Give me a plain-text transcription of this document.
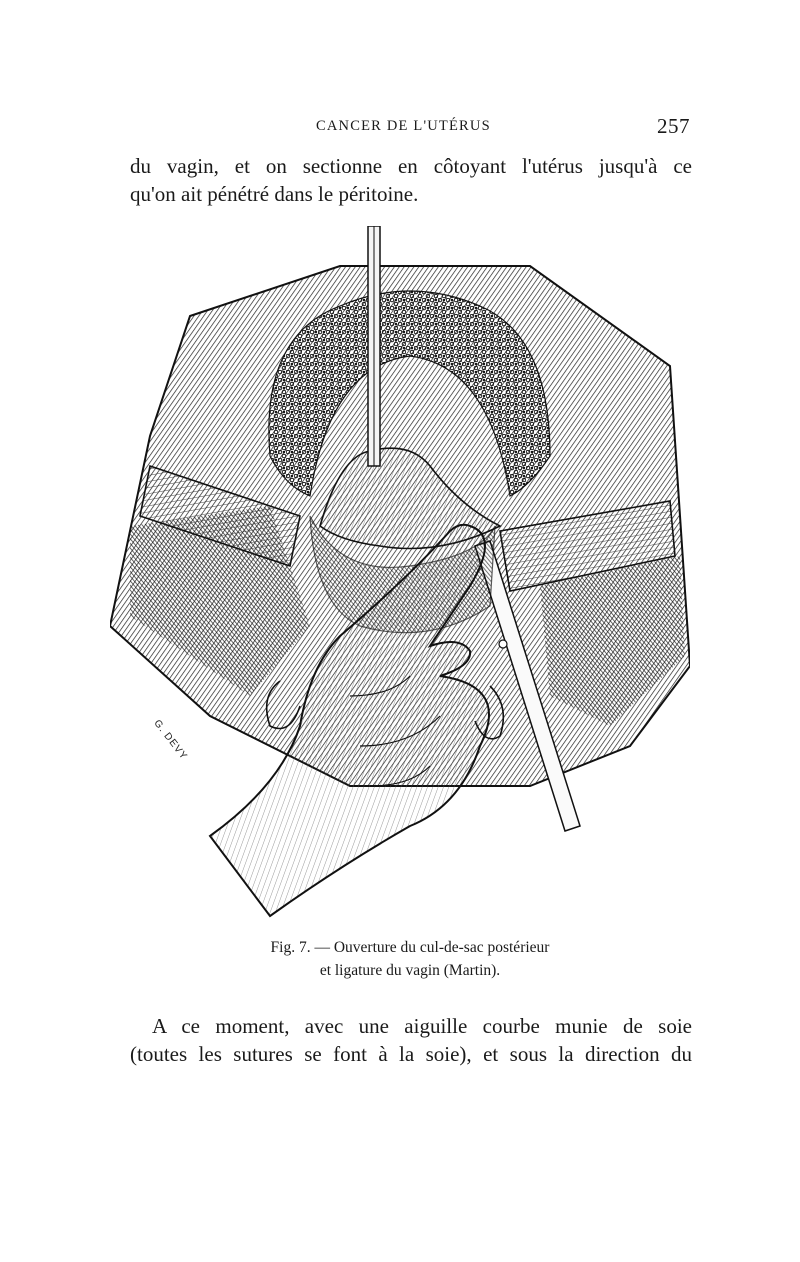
CANCER DE L'UTÉRUS	257
du vagin, et on sectionne en côtoyant l'utérus jusqu'à ce
qu'on ait pénétré dans le péritoine.
G. DEVY
Fig. 7. — Ouverture du cul-de-sac postérieur
et ligature du vagin (Martin).
A ce moment, avec une aiguille courbe munie de soie
(toutes les sutures se font à la soie), et sous la direction du
